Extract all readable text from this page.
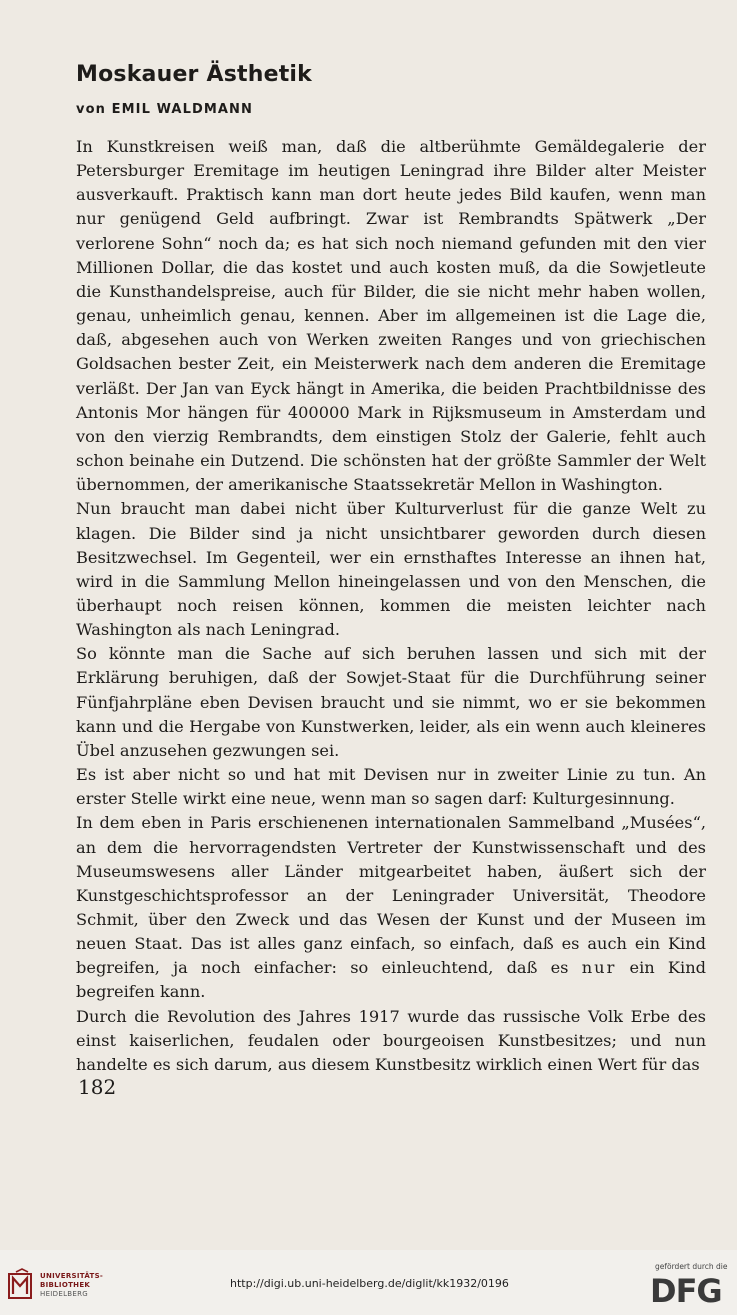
Moskauer Ästhetik
von EMIL WALDMANN

In Kunstkreisen weiß man, daß die altberühmte Gemäldegalerie der Petersburger Eremitage im heutigen Leningrad ihre Bilder alter Meister ausverkauft. Praktisch kann man dort heute jedes Bild kaufen, wenn man nur genügend Geld aufbringt. Zwar ist Rembrandts Spätwerk „Der verlorene Sohn“ noch da; es hat sich noch niemand gefunden mit den vier Millionen Dollar, die das kostet und auch kosten muß, da die Sowjetleute die Kunsthandelspreise, auch für Bilder, die sie nicht mehr haben wollen, genau, unheimlich genau, kennen. Aber im allgemeinen ist die Lage die, daß, abgesehen auch von Werken zweiten Ranges und von griechischen Goldsachen bester Zeit, ein Meisterwerk nach dem anderen die Eremitage verläßt. Der Jan van Eyck hängt in Amerika, die beiden Prachtbildnisse des Antonis Mor hängen für 400000 Mark in Rijksmuseum in Amsterdam und von den vierzig Rembrandts, dem einstigen Stolz der Galerie, fehlt auch schon beinahe ein Dutzend. Die schönsten hat der größte Sammler der Welt übernommen, der amerikanische Staatssekretär Mellon in Washington.

Nun braucht man dabei nicht über Kulturverlust für die ganze Welt zu klagen. Die Bilder sind ja nicht unsichtbarer geworden durch diesen Besitzwechsel. Im Gegenteil, wer ein ernsthaftes Interesse an ihnen hat, wird in die Sammlung Mellon hineingelassen und von den Menschen, die überhaupt noch reisen können, kommen die meisten leichter nach Washington als nach Leningrad.

So könnte man die Sache auf sich beruhen lassen und sich mit der Erklärung beruhigen, daß der Sowjet-Staat für die Durchführung seiner Fünfjahrpläne eben Devisen braucht und sie nimmt, wo er sie bekommen kann und die Hergabe von Kunstwerken, leider, als ein wenn auch kleineres Übel anzusehen gezwungen sei.

Es ist aber nicht so und hat mit Devisen nur in zweiter Linie zu tun. An erster Stelle wirkt eine neue, wenn man so sagen darf: Kulturgesinnung.

In dem eben in Paris erschienenen internationalen Sammelband „Musées“, an dem die hervorragendsten Vertreter der Kunstwissenschaft und des Museumswesens aller Länder mitgearbeitet haben, äußert sich der Kunstgeschichtsprofessor an der Leningrader Universität, Theodore Schmit, über den Zweck und das Wesen der Kunst und der Museen im neuen Staat. Das ist alles ganz einfach, so einfach, daß es auch ein Kind begreifen, ja noch einfacher: so einleuchtend, daß es nur ein Kind begreifen kann.

Durch die Revolution des Jahres 1917 wurde das russische Volk Erbe des einst kaiserlichen, feudalen oder bourgeoisen Kunstbesitzes; und nun handelte es sich darum, aus diesem Kunstbesitz wirklich einen Wert für das

182
UNIVERSITÄTS-
BIBLIOTHEK
HEIDELBERG
http://digi.ub.uni-heidelberg.de/diglit/kk1932/0196
gefördert durch die
DFG
